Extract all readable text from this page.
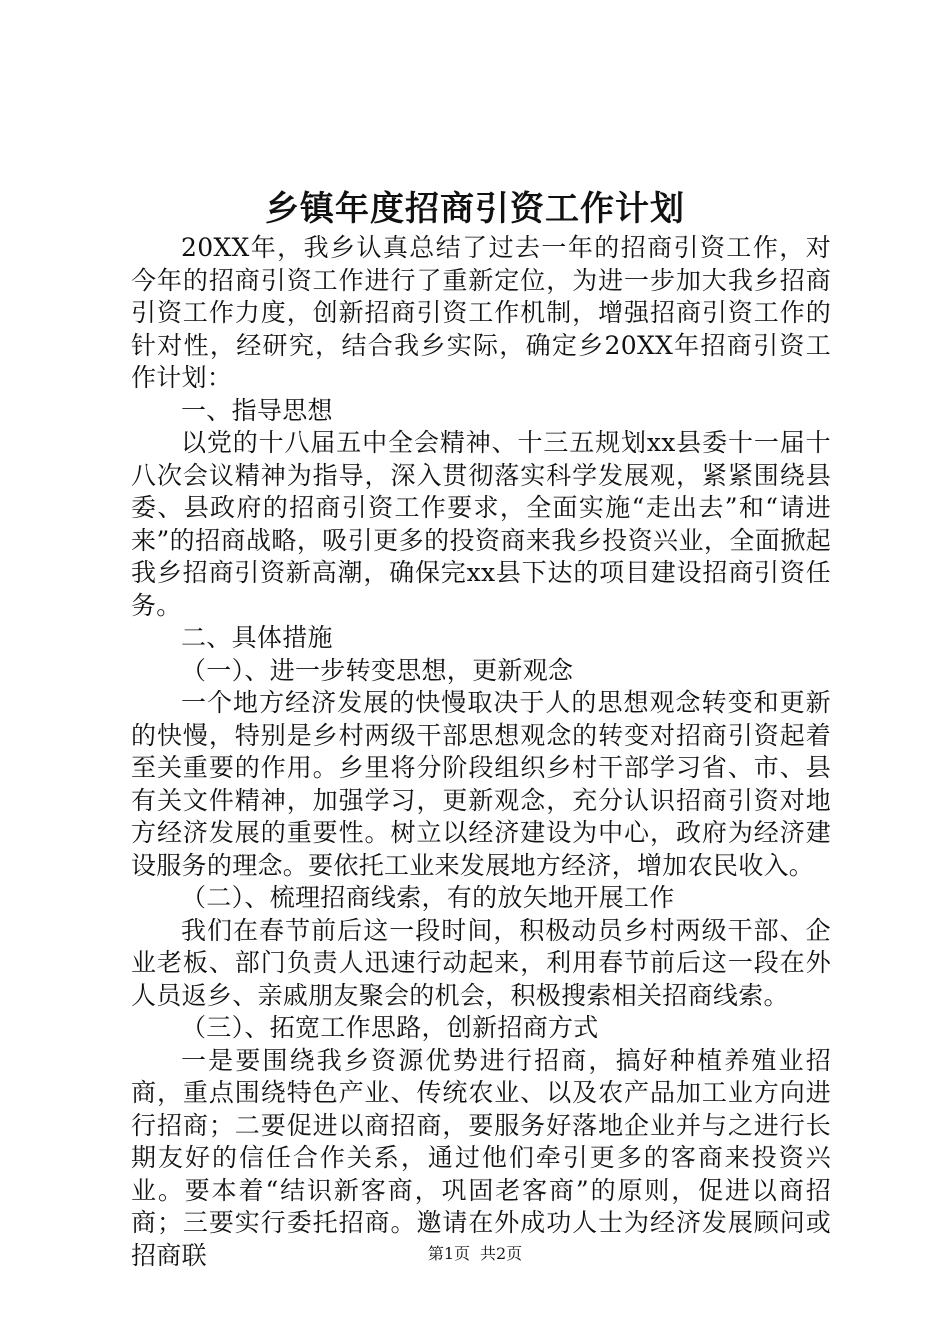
乡镇年度招商引资工作计划

20XX年，我乡认真总结了过去一年的招商引资工作，对今年的招商引资工作进行了重新定位，为进一步加大我乡招商引资工作力度，创新招商引资工作机制，增强招商引资工作的针对性，经研究，结合我乡实际，确定乡20XX年招商引资工作计划：

一、指导思想

以党的十八届五中全会精神、十三五规划xx县委十一届十八次会议精神为指导，深入贯彻落实科学发展观，紧紧围绕县委、县政府的招商引资工作要求，全面实施“走出去”和“请进来”的招商战略，吸引更多的投资商来我乡投资兴业，全面掀起我乡招商引资新高潮，确保完xx县下达的项目建设招商引资任务。

二、具体措施

（一）、进一步转变思想，更新观念

一个地方经济发展的快慢取决于人的思想观念转变和更新的快慢，特别是乡村两级干部思想观念的转变对招商引资起着至关重要的作用。乡里将分阶段组织乡村干部学习省、市、县有关文件精神，加强学习，更新观念，充分认识招商引资对地方经济发展的重要性。树立以经济建设为中心，政府为经济建设服务的理念。要依托工业来发展地方经济，增加农民收入。

（二）、梳理招商线索，有的放矢地开展工作

我们在春节前后这一段时间，积极动员乡村两级干部、企业老板、部门负责人迅速行动起来，利用春节前后这一段在外人员返乡、亲戚朋友聚会的机会，积极搜索相关招商线索。

（三）、拓宽工作思路，创新招商方式

一是要围绕我乡资源优势进行招商，搞好种植养殖业招商，重点围绕特色产业、传统农业、以及农产品加工业方向进行招商；二要促进以商招商，要服务好落地企业并与之进行长期友好的信任合作关系，通过他们牵引更多的客商来投资兴业。要本着“结识新客商，巩固老客商”的原则，促进以商招商；三要实行委托招商。邀请在外成功人士为经济发展顾问或招商联	第1页 共2页
